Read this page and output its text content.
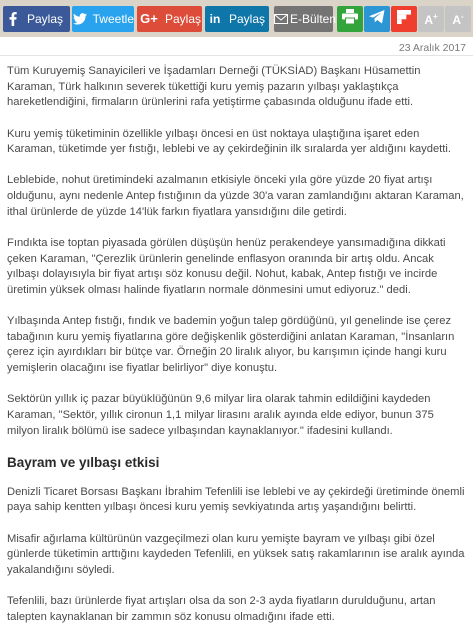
Paylaş	Tweetle G+ Paylaş in Paylaş E-Bülten	A+ A-
23 Aralık 2017

Tüm Kuruyemiş Sanayicileri ve İşadamları Derneği (TÜKSİAD) Başkanı Hüsamettin Karaman, Türk halkının severek tükettiği kuru yemiş pazarın yılbaşı yaklaştıkça hareketlendiğini, firmaların ürünlerini rafa yetiştirme çabasında olduğunu ifade etti.

Kuru yemiş tüketiminin özellikle yılbaşı öncesi en üst noktaya ulaştığına işaret eden Karaman, tüketimde yer fıstığı, leblebi ve ay çekirdeğinin ilk sıralarda yer aldığını kaydetti.

Leblebide, nohut üretimindeki azalmanın etkisiyle önceki yıla göre yüzde 20 fiyat artışı olduğunu, aynı nedenle Antep fıstığının da yüzde 30'a varan zamlandığını aktaran Karaman, ithal ürünlerde de yüzde 14'lük farkın fiyatlara yansıdığını dile getirdi.

Fındıkta ise toptan piyasada görülen düşüşün henüz perakendeye yansımadığına dikkati çeken Karaman, "Çerezlik ürünlerin genelinde enflasyon oranında bir artış oldu. Ancak yılbaşı dolayısıyla bir fiyat artışı söz konusu değil. Nohut, kabak, Antep fıstığı ve incirde üretimin yüksek olması halinde fiyatların normale dönmesini umut ediyoruz." dedi.

Yılbaşında Antep fıstığı, fındık ve bademin yoğun talep gördüğünü, yıl genelinde ise çerez tabağının kuru yemiş fiyatlarına göre değişkenlik gösterdiğini anlatan Karaman, "İnsanların çerez için ayırdıkları bir bütçe var. Örneğin 20 liralık alıyor, bu karışımın içinde hangi kuru yemişlerin olacağını ise fiyatlar belirliyor" diye konuştu.

Sektörün yıllık iç pazar büyüklüğünün 9,6 milyar lira olarak tahmin edildiğini kaydeden Karaman, "Sektör, yıllık cironun 1,1 milyar lirasını aralık ayında elde ediyor, bunun 375 milyon liralık bölümü ise sadece yılbaşından kaynaklanıyor." ifadesini kullandı.

Bayram ve yılbaşı etkisi

Denizli Ticaret Borsası Başkanı İbrahim Tefenlili ise leblebi ve ay çekirdeği üretiminde önemli paya sahip kentten yılbaşı öncesi kuru yemiş sevkiyatında artış yaşandığını belirtti.

Misafir ağırlama kültürünün vazgeçilmezi olan kuru yemişte bayram ve yılbaşı gibi özel günlerde tüketimin arttığını kaydeden Tefenlili, en yüksek satış rakamlarının ise aralık ayında yakalandığını söyledi.

Tefenlili, bazı ürünlerde fiyat artışları olsa da son 2-3 ayda fiyatların durulduğunu, artan talepten kaynaklanan bir zammın söz konusu olmadığını ifade etti.
